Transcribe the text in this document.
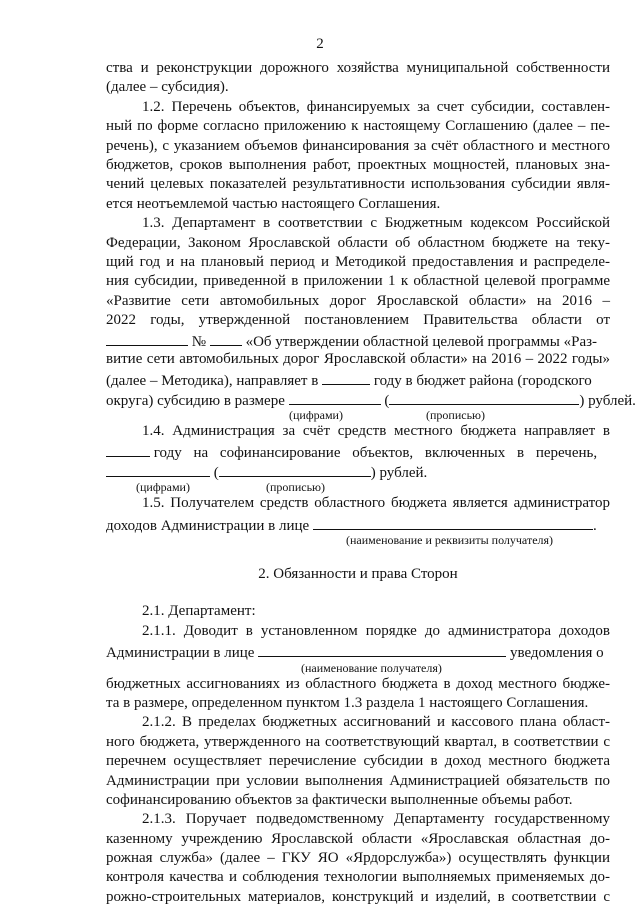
2
ства и реконструкции дорожного хозяйства муниципальной собственности
(далее – субсидия).
1.2. Перечень объектов, финансируемых за счет субсидии, составлен-
ный по форме согласно приложению к настоящему Соглашению (далее – пе-
речень), с указанием объемов финансирования за счёт областного и местного
бюджетов, сроков выполнения работ, проектных мощностей, плановых зна-
чений целевых показателей результативности использования субсидии явля-
ется неотъемлемой частью настоящего Соглашения.
1.3. Департамент в соответствии с Бюджетным кодексом Российской
Федерации, Законом Ярославской области об областном бюджете на теку-
щий год и на плановый период и Методикой предоставления и распределе-
ния субсидии, приведенной в приложении 1 к областной целевой программе
«Развитие сети автомобильных дорог Ярославской области» на 2016 –
2022 годы, утвержденной постановлением Правительства области от
№	«Об утверждении областной целевой программы «Раз-
витие сети автомобильных дорог Ярославской области» на 2016 – 2022 годы»
(далее – Методика), направляет в	году в бюджет района (городского
округа) субсидию в размере	(	) рублей.
(цифрами)	(прописью)
1.4. Администрация за счёт средств местного бюджета направляет в
году на софинансирование объектов, включенных в перечень,
(	) рублей.
(цифрами)	(прописью)
1.5. Получателем средств областного бюджета является администратор
доходов Администрации в лице	.
(наименование и реквизиты получателя)
2. Обязанности и права Сторон
2.1. Департамент:
2.1.1. Доводит в установленном порядке до администратора доходов
Администрации в лице	уведомления о
(наименование получателя)
бюджетных ассигнованиях из областного бюджета в доход местного бюдже-
та в размере, определенном пунктом 1.3 раздела 1 настоящего Соглашения.
2.1.2. В пределах бюджетных ассигнований и кассового плана област-
ного бюджета, утвержденного на соответствующий квартал, в соответствии с
перечнем осуществляет перечисление субсидии в доход местного бюджета
Администрации при условии выполнения Администрацией обязательств по
софинансированию объектов за фактически выполненные объемы работ.
2.1.3. Поручает подведомственному Департаменту государственному
казенному учреждению Ярославской области «Ярославская областная до-
рожная служба» (далее – ГКУ ЯО «Ярдорслужба») осуществлять функции
контроля качества и соблюдения технологии выполняемых применяемых до-
рожно-строительных материалов, конструкций и изделий, в соответствии с
